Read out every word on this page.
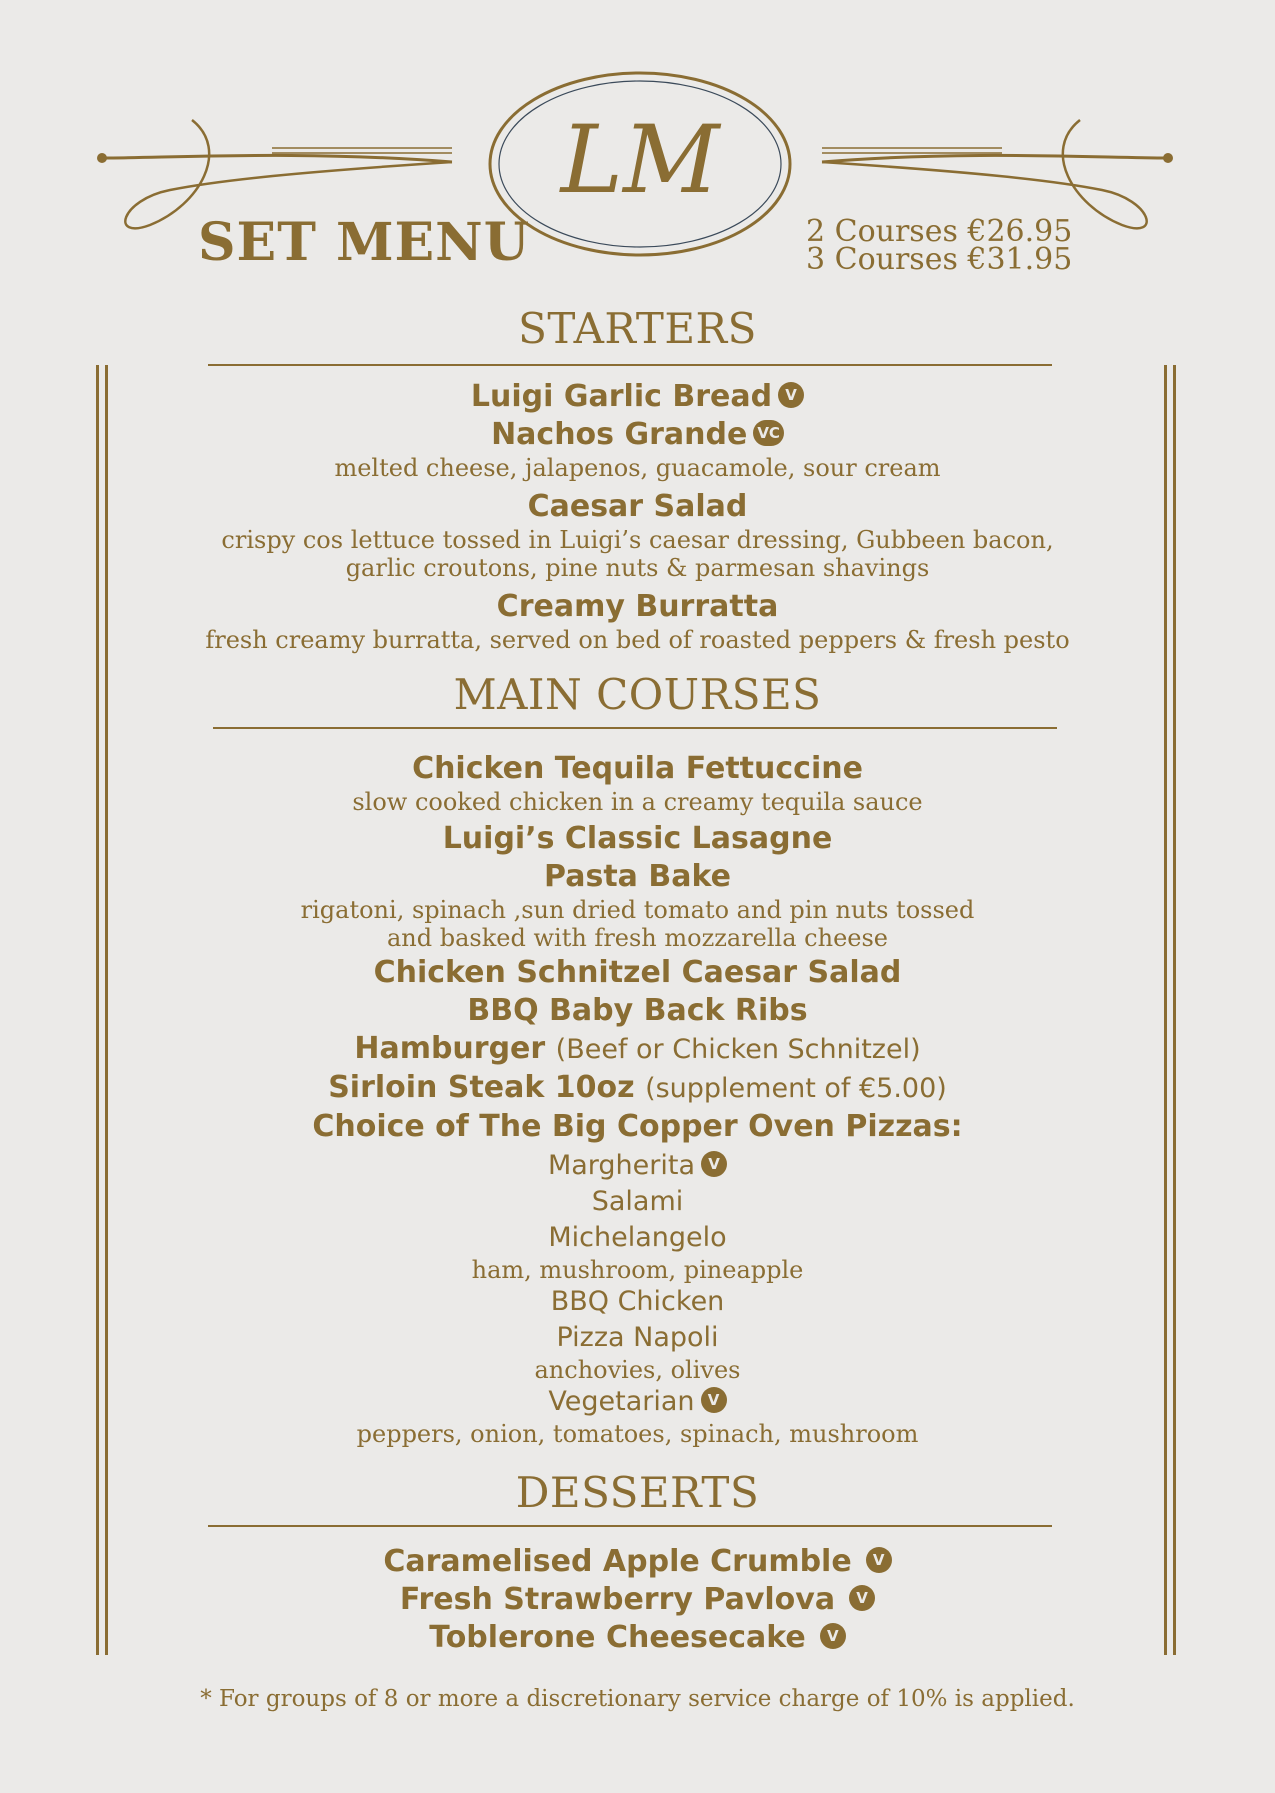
LM
SET MENU	2 Courses €26.95
3 Courses €31.95
STARTERS
Luigi Garlic Bread V
Nachos Grande VC
melted cheese, jalapenos, guacamole, sour cream
Caesar Salad
crispy cos lettuce tossed in Luigi’s caesar dressing, Gubbeen bacon,
garlic croutons, pine nuts & parmesan shavings
Creamy Burratta
fresh creamy burratta, served on bed of roasted peppers & fresh pesto
MAIN COURSES
Chicken Tequila Fettuccine
slow cooked chicken in a creamy tequila sauce
Luigi’s Classic Lasagne
Pasta Bake
rigatoni, spinach ,sun dried tomato and pin nuts tossed
and basked with fresh mozzarella cheese
Chicken Schnitzel Caesar Salad
BBQ Baby Back Ribs
Hamburger (Beef or Chicken Schnitzel)
Sirloin Steak 10oz (supplement of €5.00)
Choice of The Big Copper Oven Pizzas:
Margherita V
Salami
Michelangelo
ham, mushroom, pineapple
BBQ Chicken
Pizza Napoli
anchovies, olives
Vegetarian V
peppers, onion, tomatoes, spinach, mushroom
DESSERTS
Caramelised Apple Crumble V
Fresh Strawberry Pavlova V
Toblerone Cheesecake V
* For groups of 8 or more a discretionary service charge of 10% is applied.
